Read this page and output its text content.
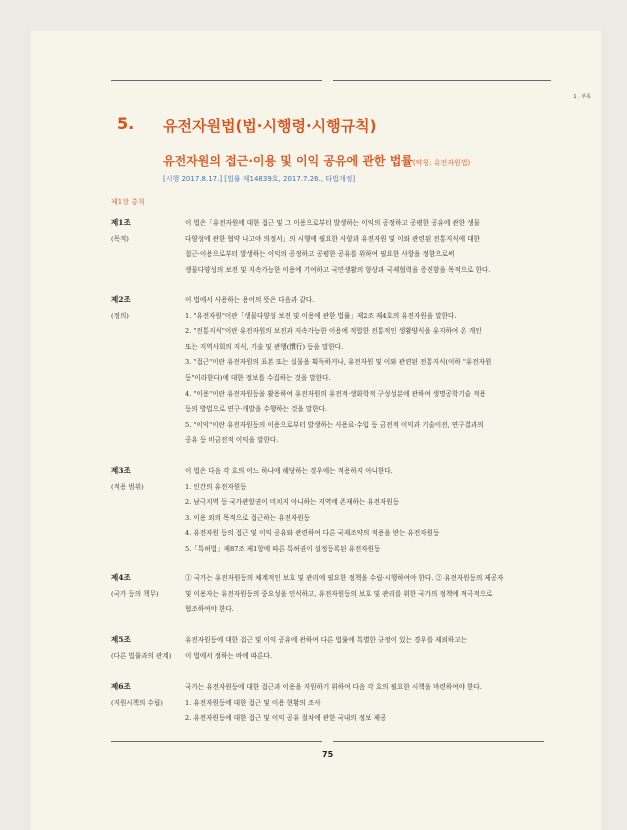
1 . 부록
5. 유전자원법(법·시행령·시행규칙)
유전자원의 접근·이용 및 이익 공유에 관한 법률(약칭: 유전자원법)
[시행 2017.8.17.] [법률 제14839호, 2017.7.26., 타법개정]
제1장 총칙
제1조
(목적)
이 법은「유전자원에 대한 접근 및 그 이용으로부터 발생하는 이익의 공정하고 공평한 공유에 관한 생물
다양성에 관한 협약 나고야 의정서」의 시행에 필요한 사항과 유전자원 및 이와 관련된 전통지식에 대한
접근·이용으로부터 발생하는 이익의 공정하고 공평한 공유를 위하여 필요한 사항을 정함으로써
생물다양성의 보전 및 지속가능한 이용에 기여하고 국민생활의 향상과 국제협력을 증진함을 목적으로 한다.
제2조
(정의)
이 법에서 사용하는 용어의 뜻은 다음과 같다.
1. "유전자원"이란「생물다양성 보전 및 이용에 관한 법률」제2조 제4호의 유전자원을 말한다.
2. "전통지식"이란 유전자원의 보전과 지속가능한 이용에 적합한 전통적인 생활양식을 유지하여 온 개인
또는 지역사회의 지식, 기술 및 관행(慣行) 등을 말한다.
3. "접근"이란 유전자원의 표본 또는 실물을 획득하거나, 유전자원 및 이와 관련된 전통지식(이하 "유전자원
등"이라한다)에 대한 정보를 수집하는 것을 말한다.
4. "이용"이란 유전자원등을 활용하여 유전자원의 유전적·생화학적 구성성분에 관하여 생명공학기술 적용
등의 방법으로 연구·개발을 수행하는 것을 말한다.
5. "이익"이란 유전자원등의 이용으로부터 발생하는 사용료·수입 등 금전적 이익과 기술이전, 연구결과의
공유 등 비금전적 이익을 말한다.
제3조
(적용 범위)
이 법은 다음 각 호의 어느 하나에 해당하는 경우에는 적용하지 아니한다.
1. 인간의 유전자원등
2. 남극지역 등 국가관할권이 미치지 아니하는 지역에 존재하는 유전자원등
3. 이용 외의 목적으로 접근하는 유전자원등
4. 유전자원 등의 접근 및 이익 공유와 관련하여 다른 국제조약의 적용을 받는 유전자원등
5.「특허법」제87조 제1항에 따른 특허권이 설정등록된 유전자원등
제4조
(국가 등의 책무)
① 국가는 유전자원등의 체계적인 보호 및 관리에 필요한 정책을 수립·시행하여야 한다. ② 유전자원등의 제공자
및 이용자는 유전자원등의 중요성을 인식하고, 유전자원등의 보호 및 관리를 위한 국가의 정책에 적극적으로
협조하여야 한다.
제5조
(다른 법률과의 관계)
유전자원등에 대한 접근 및 이익 공유에 관하여 다른 법률에 특별한 규정이 있는 경우를 제외하고는
이 법에서 정하는 바에 따른다.
제6조
(지원시책의 수립)
국가는 유전자원등에 대한 접근과 이용을 지원하기 위하여 다음 각 호의 필요한 시책을 마련하여야 한다.
1. 유전자원등에 대한 접근 및 이용 현황의 조사
2. 유전자원등에 대한 접근 및 이익 공유 절차에 관한 국내의 정보 제공
75
